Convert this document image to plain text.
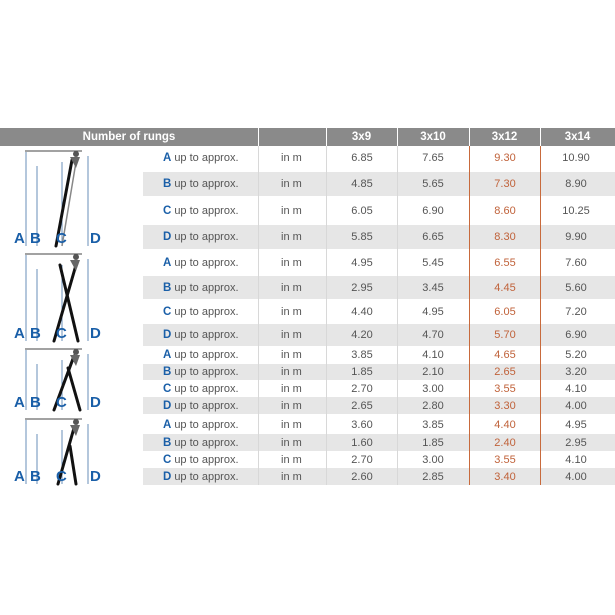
Number of rungs	3x9	3x10	3x12	3x14
A up to approx.	in m	6.85	7.65	9.30	10.90
B up to approx.	in m	4.85	5.65	7.30	8.90
C up to approx.	in m	6.05	6.90	8.60	10.25
D up to approx.	in m	5.85	6.65	8.30	9.90
A up to approx.	in m	4.95	5.45	6.55	7.60
B up to approx.	in m	2.95	3.45	4.45	5.60
C up to approx.	in m	4.40	4.95	6.05	7.20
D up to approx.	in m	4.20	4.70	5.70	6.90
A up to approx.	in m	3.85	4.10	4.65	5.20
B up to approx.	in m	1.85	2.10	2.65	3.20
C up to approx.	in m	2.70	3.00	3.55	4.10
D up to approx.	in m	2.65	2.80	3.30	4.00
A up to approx.	in m	3.60	3.85	4.40	4.95
B up to approx.	in m	1.60	1.85	2.40	2.95
C up to approx.	in m	2.70	3.00	3.55	4.10
D up to approx.	in m	2.60	2.85	3.40	4.00
A B C D
A B C D
A B C D
A B C D
